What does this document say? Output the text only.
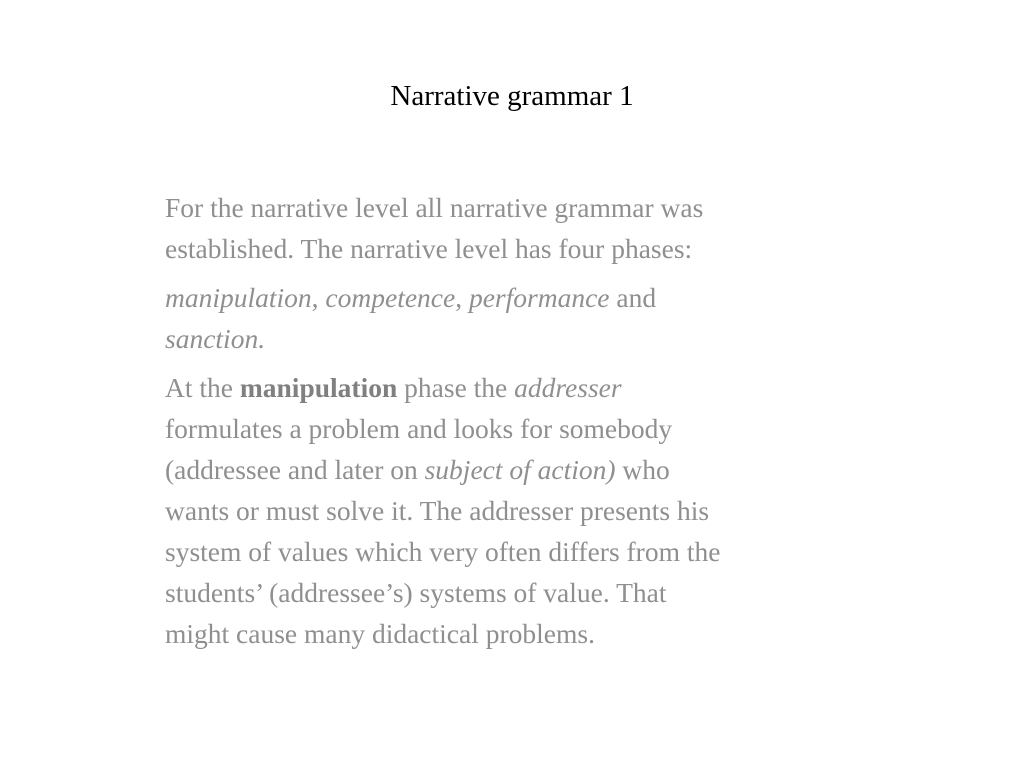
Narrative grammar 1
For the narrative level all narrative grammar was
established. The narrative level has four phases:
manipulation, competence, performance and
sanction.
At the manipulation phase the addresser
formulates a problem and looks for somebody
(addressee and later on subject of action) who
wants or must solve it. The addresser presents his
system of values which very often differs from the
students’ (addressee’s) systems of value. That
might cause many didactical problems.
